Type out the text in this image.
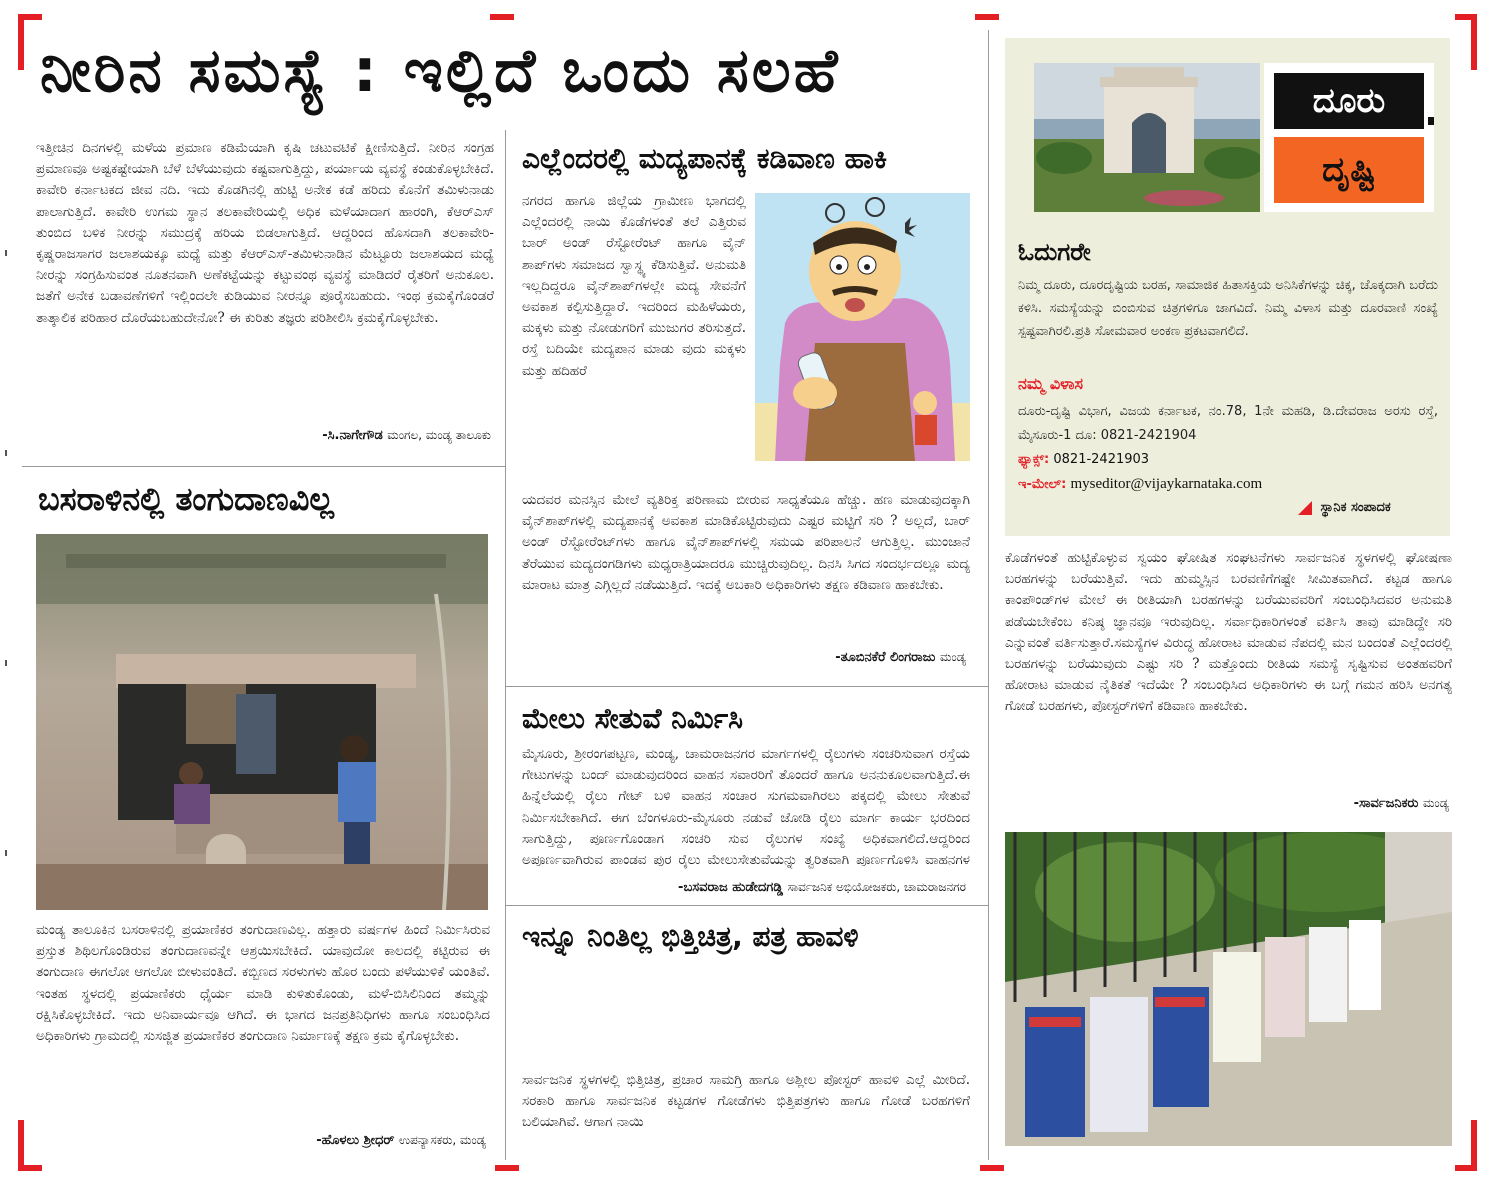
ನೀರಿನ ಸಮಸ್ಯೆ : ಇಲ್ಲಿದೆ ಒಂದು ಸಲಹೆ

ಇತ್ತೀಚಿನ ದಿನಗಳಲ್ಲಿ ಮಳೆಯ ಪ್ರಮಾಣ ಕಡಿಮೆಯಾಗಿ ಕೃಷಿ ಚಟುವಟಿಕೆ ಕ್ಷೀಣಿಸುತ್ತಿದೆ. ನೀರಿನ ಸಂಗ್ರಹ ಪ್ರಮಾಣವೂ ಅಷ್ಟಕಷ್ಟೇಯಾಗಿ ಬೆಳೆ ಬೆಳೆಯುವುದು ಕಷ್ಟವಾಗುತ್ತಿದ್ದು, ಪರ್ಯಾಯ ವ್ಯವಸ್ಥೆ ಕಂಡುಕೊಳ್ಳಬೇಕಿದೆ. ಕಾವೇರಿ ಕರ್ನಾಟಕದ ಜೀವ ನದಿ. ಇದು ಕೊಡಗಿನಲ್ಲಿ ಹುಟ್ಟಿ ಅನೇಕ ಕಡೆ ಹರಿದು ಕೊನೆಗೆ ತಮಿಳುನಾಡು ಪಾಲಾಗುತ್ತಿದೆ. ಕಾವೇರಿ ಉಗಮ ಸ್ಥಾನ ತಲಕಾವೇರಿಯಲ್ಲಿ ಅಧಿಕ ಮಳೆಯಾದಾಗ ಹಾರಂಗಿ, ಕೆಆರ್‌ಎಸ್ ತುಂಬಿದ ಬಳಿಕ ನೀರನ್ನು ಸಮುದ್ರಕ್ಕೆ ಹರಿಯ ಬಿಡಲಾಗುತ್ತಿದೆ. ಆದ್ದರಿಂದ ಹೊಸದಾಗಿ ತಲಕಾವೇರಿ-ಕೃಷ್ಣರಾಜಸಾಗರ ಜಲಾಶಯಕ್ಕೂ ಮಧ್ಯೆ ಮತ್ತು ಕೆಆರ್‌ಎಸ್-ತಮಿಳುನಾಡಿನ ಮೆಟ್ಟೂರು ಜಲಾಶಯದ ಮಧ್ಯೆ ನೀರನ್ನು ಸಂಗ್ರಹಿಸುವಂತ ನೂತನವಾಗಿ ಅಣೆಕಟ್ಟೆಯನ್ನು ಕಟ್ಟುವಂಥ ವ್ಯವಸ್ಥೆ ಮಾಡಿದರೆ ರೈತರಿಗೆ ಅನುಕೂಲ. ಜತೆಗೆ ಅನೇಕ ಬಡಾವಣೆಗಳಿಗೆ ಇಲ್ಲಿಂದಲೇ ಕುಡಿಯುವ ನೀರನ್ನೂ ಪೂರೈಸಬಹುದು. ಇಂಥ ಕ್ರಮಕೈಗೊಂಡರೆ ತಾತ್ಕಾಲಿಕ ಪರಿಹಾರ ದೊರೆಯಬಹುದೇನೋ? ಈ ಕುರಿತು ತಜ್ಞರು ಪರಿಶೀಲಿಸಿ ಕ್ರಮಕೈಗೊಳ್ಳಬೇಕು.

-ಸಿ.ನಾಗೇಗೌಡ ಮಂಗಲ, ಮಂಡ್ಯ ತಾಲೂಕು
ಬಸರಾಳಿನಲ್ಲಿ ತಂಗುದಾಣವಿಲ್ಲ

ಮಂಡ್ಯ ತಾಲೂಕಿನ ಬಸರಾಳಿನಲ್ಲಿ ಪ್ರಯಾಣಿಕರ ತಂಗುದಾಣವಿಲ್ಲ. ಹತ್ತಾರು ವರ್ಷಗಳ ಹಿಂದೆ ನಿರ್ಮಿಸಿರುವ ಪ್ರಸ್ತುತ ಶಿಥಿಲಗೊಂಡಿರುವ ತಂಗುದಾಣವನ್ನೇ ಆಶ್ರಯಿಸಬೇಕಿದೆ. ಯಾವುದೋ ಕಾಲದಲ್ಲಿ ಕಟ್ಟಿರುವ ಈ ತಂಗುದಾಣ ಈಗಲೋ ಆಗಲೋ ಬೀಳುವಂತಿದೆ. ಕಬ್ಬಿಣದ ಸರಳುಗಳು ಹೊರ ಬಂದು ಪಳೆಯುಳಿಕೆ ಯಂತಿವೆ. ಇಂತಹ ಸ್ಥಳದಲ್ಲಿ ಪ್ರಯಾಣಿಕರು ಧೈರ್ಯ ಮಾಡಿ ಕುಳಿತುಕೊಂಡು, ಮಳೆ-ಬಿಸಿಲಿನಿಂದ ತಮ್ಮನ್ನು ರಕ್ಷಿಸಿಕೊಳ್ಳಬೇಕಿದೆ. ಇದು ಅನಿವಾರ್ಯವೂ ಆಗಿದೆ. ಈ ಭಾಗದ ಜನಪ್ರತಿನಿಧಿಗಳು ಹಾಗೂ ಸಂಬಂಧಿಸಿದ ಅಧಿಕಾರಿಗಳು ಗ್ರಾಮದಲ್ಲಿ ಸುಸಜ್ಜಿತ ಪ್ರಯಾಣಿಕರ ತಂಗುದಾಣ ನಿರ್ಮಾಣಕ್ಕೆ ತಕ್ಷಣ ಕ್ರಮ ಕೈಗೊಳ್ಳಬೇಕು.

-ಹೊಳಲು ಶ್ರೀಧರ್ ಉಪನ್ಯಾಸಕರು, ಮಂಡ್ಯ
ಎಲ್ಲೆಂದರಲ್ಲಿ ಮದ್ಯಪಾನಕ್ಕೆ ಕಡಿವಾಣ ಹಾಕಿ

ನಗರದ ಹಾಗೂ ಜಿಲ್ಲೆಯ ಗ್ರಾಮೀಣ ಭಾಗದಲ್ಲಿ ಎಲ್ಲೆಂದರಲ್ಲಿ ನಾಯಿ ಕೊಡೆಗಳಂತೆ ತಲೆ ಎತ್ತಿರುವ ಬಾರ್ ಅಂಡ್ ರೆಸ್ಟೋರೆಂಟ್ ಹಾಗೂ ವೈನ್ ಶಾಪ್‌ಗಳು ಸಮಾಜದ ಸ್ವಾಸ್ಥ್ಯ ಕೆಡಿಸುತ್ತಿವೆ. ಅನುಮತಿ ಇಲ್ಲದಿದ್ದರೂ ವೈನ್‌ಶಾಪ್‌ಗಳಲ್ಲೇ ಮದ್ಯ ಸೇವನೆಗೆ ಅವಕಾಶ ಕಲ್ಪಿಸುತ್ತಿದ್ದಾರೆ. ಇದರಿಂದ ಮಹಿಳೆಯರು, ಮಕ್ಕಳು ಮತ್ತು ನೋಡುಗರಿಗೆ ಮುಜುಗರ ತರಿಸುತ್ತದೆ. ರಸ್ತೆ ಬದಿಯೇ ಮದ್ಯಪಾನ ಮಾಡು ವುದು ಮಕ್ಕಳು ಮತ್ತು ಹದಿಹರೆ

ಯದವರ ಮನಸ್ಸಿನ ಮೇಲೆ ವ್ಯತಿರಿಕ್ತ ಪರಿಣಾಮ ಬೀರುವ ಸಾಧ್ಯತೆಯೂ ಹೆಚ್ಚು. ಹಣ ಮಾಡುವುದಕ್ಕಾಗಿ ವೈನ್‌ಶಾಪ್‌ಗಳಲ್ಲಿ ಮದ್ಯಪಾನಕ್ಕೆ ಅವಕಾಶ ಮಾಡಿಕೊಟ್ಟಿರುವುದು ಎಷ್ಟರ ಮಟ್ಟಿಗೆ ಸರಿ ? ಅಲ್ಲದೆ, ಬಾರ್ ಅಂಡ್ ರೆಸ್ಟೋರೆಂಟ್‌ಗಳು ಹಾಗೂ ವೈನ್‌ಶಾಪ್‌ಗಳಲ್ಲಿ ಸಮಯ ಪರಿಪಾಲನೆ ಆಗುತ್ತಿಲ್ಲ. ಮುಂಜಾನೆ ತೆರೆಯುವ ಮದ್ಯದಂಗಡಿಗಳು ಮಧ್ಯರಾತ್ರಿಯಾದರೂ ಮುಚ್ಚಿರುವುದಿಲ್ಲ. ದಿನಸಿ ಸಿಗದ ಸಂದರ್ಭದಲ್ಲೂ ಮದ್ಯ ಮಾರಾಟ ಮಾತ್ರ ಎಗ್ಗಿಲ್ಲದೆ ನಡೆಯುತ್ತಿದೆ. ಇದಕ್ಕೆ ಅಬಕಾರಿ ಅಧಿಕಾರಿಗಳು ತಕ್ಷಣ ಕಡಿವಾಣ ಹಾಕಬೇಕು.

-ತೂಬಿನಕೆರೆ ಲಿಂಗರಾಜು ಮಂಡ್ಯ
ಮೇಲು ಸೇತುವೆ ನಿರ್ಮಿಸಿ

ಮೈಸೂರು, ಶ್ರೀರಂಗಪಟ್ಟಣ, ಮಂಡ್ಯ, ಚಾಮರಾಜನಗರ ಮಾರ್ಗಗಳಲ್ಲಿ ರೈಲುಗಳು ಸಂಚರಿಸುವಾಗ ರಸ್ತೆಯ ಗೇಟುಗಳನ್ನು ಬಂದ್ ಮಾಡುವುದರಿಂದ ವಾಹನ ಸವಾರರಿಗೆ ತೊಂದರೆ ಹಾಗೂ ಅನನುಕೂಲವಾಗುತ್ತಿದೆ.ಈ ಹಿನ್ನೆಲೆಯಲ್ಲಿ ರೈಲು ಗೇಟ್ ಬಳಿ ವಾಹನ ಸಂಚಾರ ಸುಗಮವಾಗಿರಲು ಪಕ್ಕದಲ್ಲಿ ಮೇಲು ಸೇತುವೆ ನಿರ್ಮಿಸಬೇಕಾಗಿದೆ. ಈಗ ಬೆಂಗಳೂರು-ಮೈಸೂರು ನಡುವೆ ಜೋಡಿ ರೈಲು ಮಾರ್ಗ ಕಾರ್ಯ ಭರದಿಂದ ಸಾಗುತ್ತಿದ್ದು, ಪೂರ್ಣಗೊಂಡಾಗ ಸಂಚರಿ ಸುವ ರೈಲುಗಳ ಸಂಖ್ಯೆ ಅಧಿಕವಾಗಲಿದೆ.ಆದ್ದರಿಂದ ಅಪೂರ್ಣವಾಗಿರುವ ಪಾಂಡವ ಪುರ ರೈಲು ಮೇಲುಸೇತುವೆಯನ್ನು ತ್ವರಿತವಾಗಿ ಪೂರ್ಣಗೊಳಿಸಿ ವಾಹನಗಳ

-ಬಸವರಾಜ ಹುಡೇದಗಡ್ಡಿ ಸಾರ್ವಜನಿಕ ಅಭಿಯೋಜಕರು, ಚಾಮರಾಜನಗರ
ಇನ್ನೂ ನಿಂತಿಲ್ಲ ಭಿತ್ತಿಚಿತ್ರ, ಪತ್ರ ಹಾವಳಿ

ಸಾರ್ವಜನಿಕ ಸ್ಥಳಗಳಲ್ಲಿ ಭಿತ್ತಿಚಿತ್ರ, ಪ್ರಚಾರ ಸಾಮಗ್ರಿ ಹಾಗೂ ಅಶ್ಲೀಲ ಪೋಸ್ಟರ್ ಹಾವಳಿ ಎಲ್ಲೆ ಮೀರಿದೆ. ಸರಕಾರಿ ಹಾಗೂ ಸಾರ್ವಜನಿಕ ಕಟ್ಟಡಗಳ ಗೋಡೆಗಳು ಭಿತ್ತಿಪತ್ರಗಳು ಹಾಗೂ ಗೋಡೆ ಬರಹಗಳಿಗೆ ಬಲಿಯಾಗಿವೆ. ಆಗಾಗ ನಾಯಿ

ದೂರು
ದೃಷ್ಟಿ
ಓದುಗರೇ

ನಿಮ್ಮ ದೂರು, ದೂರದೃಷ್ಟಿಯ ಬರಹ, ಸಾಮಾಜಿಕ ಹಿತಾಸಕ್ತಿಯ ಅನಿಸಿಕೆಗಳನ್ನು ಚಿಕ್ಕ, ಚೊಕ್ಕದಾಗಿ ಬರೆದು ಕಳಿಸಿ. ಸಮಸ್ಯೆಯನ್ನು ಬಿಂಬಿಸುವ ಚಿತ್ರಗಳಿಗೂ ಜಾಗವಿದೆ. ನಿಮ್ಮ ವಿಳಾಸ ಮತ್ತು ದೂರವಾಣಿ ಸಂಖ್ಯೆ ಸ್ಪಷ್ಟವಾಗಿರಲಿ.ಪ್ರತಿ ಸೋಮವಾರ ಅಂಕಣ ಪ್ರಕಟವಾಗಲಿದೆ.

ನಮ್ಮ ವಿಳಾಸ

ದೂರು-ದೃಷ್ಟಿ ವಿಭಾಗ, ವಿಜಯ ಕರ್ನಾಟಕ, ನಂ.78, 1ನೇ ಮಹಡಿ, ಡಿ.ದೇವರಾಜ ಅರಸು ರಸ್ತೆ, ಮೈಸೂರು-1 ದೂ: 0821-2421904

ಫ್ಯಾಕ್ಸ್: 0821-2421903
ಇ-ಮೇಲ್: myseditor@vijaykarnataka.com
ಸ್ಥಾನಿಕ ಸಂಪಾದಕ

ಕೊಡೆಗಳಂತೆ ಹುಟ್ಟಿಕೊಳ್ಳುವ ಸ್ವಯಂ ಘೋಷಿತ ಸಂಘಟನೆಗಳು ಸಾರ್ವಜನಿಕ ಸ್ಥಳಗಳಲ್ಲಿ ಘೋಷಣಾ ಬರಹಗಳನ್ನು ಬರೆಯುತ್ತಿವೆ. ಇದು ಹುಮ್ಮಸ್ಸಿನ ಬರವಣಿಗೆಗಷ್ಟೇ ಸೀಮಿತವಾಗಿದೆ. ಕಟ್ಟಡ ಹಾಗೂ ಕಾಂಪೌಂಡ್‌ಗಳ ಮೇಲೆ ಈ ರೀತಿಯಾಗಿ ಬರಹಗಳನ್ನು ಬರೆಯುವವರಿಗೆ ಸಂಬಂಧಿಸಿದವರ ಅನುಮತಿ ಪಡೆಯಬೇಕೆಂಬ ಕನಿಷ್ಠ ಜ್ಞಾನವೂ ಇರುವುದಿಲ್ಲ. ಸರ್ವಾಧಿಕಾರಿಗಳಂತೆ ವರ್ತಿಸಿ ತಾವು ಮಾಡಿದ್ದೇ ಸರಿ ಎನ್ನುವಂತೆ ವರ್ತಿಸುತ್ತಾರೆ.ಸಮಸ್ಯೆಗಳ ವಿರುದ್ಧ ಹೋರಾಟ ಮಾಡುವ ನೆಪದಲ್ಲಿ ಮನ ಬಂದಂತೆ ಎಲ್ಲೆಂದರಲ್ಲಿ ಬರಹಗಳನ್ನು ಬರೆಯುವುದು ಎಷ್ಟು ಸರಿ ? ಮತ್ತೊಂದು ರೀತಿಯ ಸಮಸ್ಯೆ ಸೃಷ್ಟಿಸುವ ಅಂತಹವರಿಗೆ ಹೋರಾಟ ಮಾಡುವ ನೈತಿಕತೆ ಇದೆಯೇ ? ಸಂಬಂಧಿಸಿದ ಅಧಿಕಾರಿಗಳು ಈ ಬಗ್ಗೆ ಗಮನ ಹರಿಸಿ ಅನಗತ್ಯ ಗೋಡೆ ಬರಹಗಳು, ಪೋಸ್ಟರ್‌ಗಳಿಗೆ ಕಡಿವಾಣ ಹಾಕಬೇಕು.

-ಸಾರ್ವಜನಿಕರು ಮಂಡ್ಯ
